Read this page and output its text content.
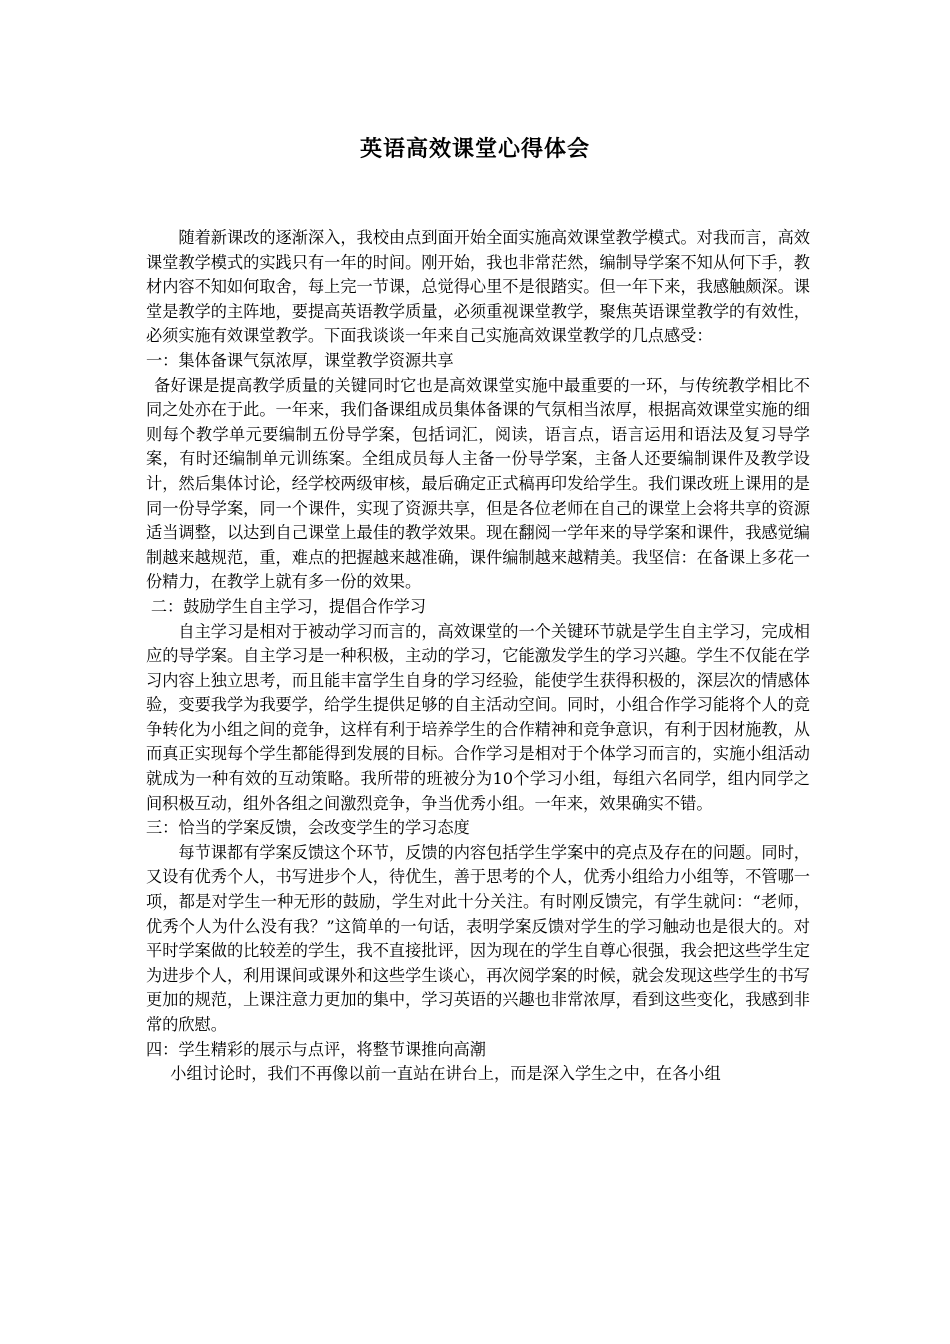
英语高效课堂心得体会

随着新课改的逐渐深入，我校由点到面开始全面实施高效课堂教学模式。对我而言，高效课堂教学模式的实践只有一年的时间。刚开始，我也非常茫然，编制导学案不知从何下手，教材内容不知如何取舍，每上完一节课，总觉得心里不是很踏实。但一年下来，我感触颇深。课堂是教学的主阵地，要提高英语教学质量，必须重视课堂教学，聚焦英语课堂教学的有效性，必须实施有效课堂教学。下面我谈谈一年来自己实施高效课堂教学的几点感受：

一：集体备课气氛浓厚，课堂教学资源共享

备好课是提高教学质量的关键同时它也是高效课堂实施中最重要的一环，与传统教学相比不同之处亦在于此。一年来，我们备课组成员集体备课的气氛相当浓厚，根据高效课堂实施的细则每个教学单元要编制五份导学案，包括词汇，阅读，语言点，语言运用和语法及复习导学案，有时还编制单元训练案。全组成员每人主备一份导学案，主备人还要编制课件及教学设计，然后集体讨论，经学校两级审核，最后确定正式稿再印发给学生。我们课改班上课用的是同一份导学案，同一个课件，实现了资源共享，但是各位老师在自己的课堂上会将共享的资源适当调整，以达到自己课堂上最佳的教学效果。现在翻阅一学年来的导学案和课件，我感觉编制越来越规范，重，难点的把握越来越准确，课件编制越来越精美。我坚信：在备课上多花一份精力，在教学上就有多一份的效果。

二：鼓励学生自主学习，提倡合作学习

自主学习是相对于被动学习而言的，高效课堂的一个关键环节就是学生自主学习，完成相应的导学案。自主学习是一种积极，主动的学习，它能激发学生的学习兴趣。学生不仅能在学习内容上独立思考，而且能丰富学生自身的学习经验，能使学生获得积极的，深层次的情感体验，变要我学为我要学，给学生提供足够的自主活动空间。同时，小组合作学习能将个人的竞争转化为小组之间的竞争，这样有利于培养学生的合作精神和竞争意识，有利于因材施教，从而真正实现每个学生都能得到发展的目标。合作学习是相对于个体学习而言的，实施小组活动就成为一种有效的互动策略。我所带的班被分为10个学习小组，每组六名同学，组内同学之间积极互动，组外各组之间激烈竞争，争当优秀小组。一年来，效果确实不错。

三：恰当的学案反馈，会改变学生的学习态度

每节课都有学案反馈这个环节，反馈的内容包括学生学案中的亮点及存在的问题。同时，又设有优秀个人，书写进步个人，待优生，善于思考的个人，优秀小组给力小组等，不管哪一项，都是对学生一种无形的鼓励，学生对此十分关注。有时刚反馈完，有学生就问：“老师，优秀个人为什么没有我？”这简单的一句话，表明学案反馈对学生的学习触动也是很大的。对平时学案做的比较差的学生，我不直接批评，因为现在的学生自尊心很强，我会把这些学生定为进步个人，利用课间或课外和这些学生谈心，再次阅学案的时候，就会发现这些学生的书写更加的规范，上课注意力更加的集中，学习英语的兴趣也非常浓厚，看到这些变化，我感到非常的欣慰。

四：学生精彩的展示与点评，将整节课推向高潮

小组讨论时，我们不再像以前一直站在讲台上，而是深入学生之中，在各小组
